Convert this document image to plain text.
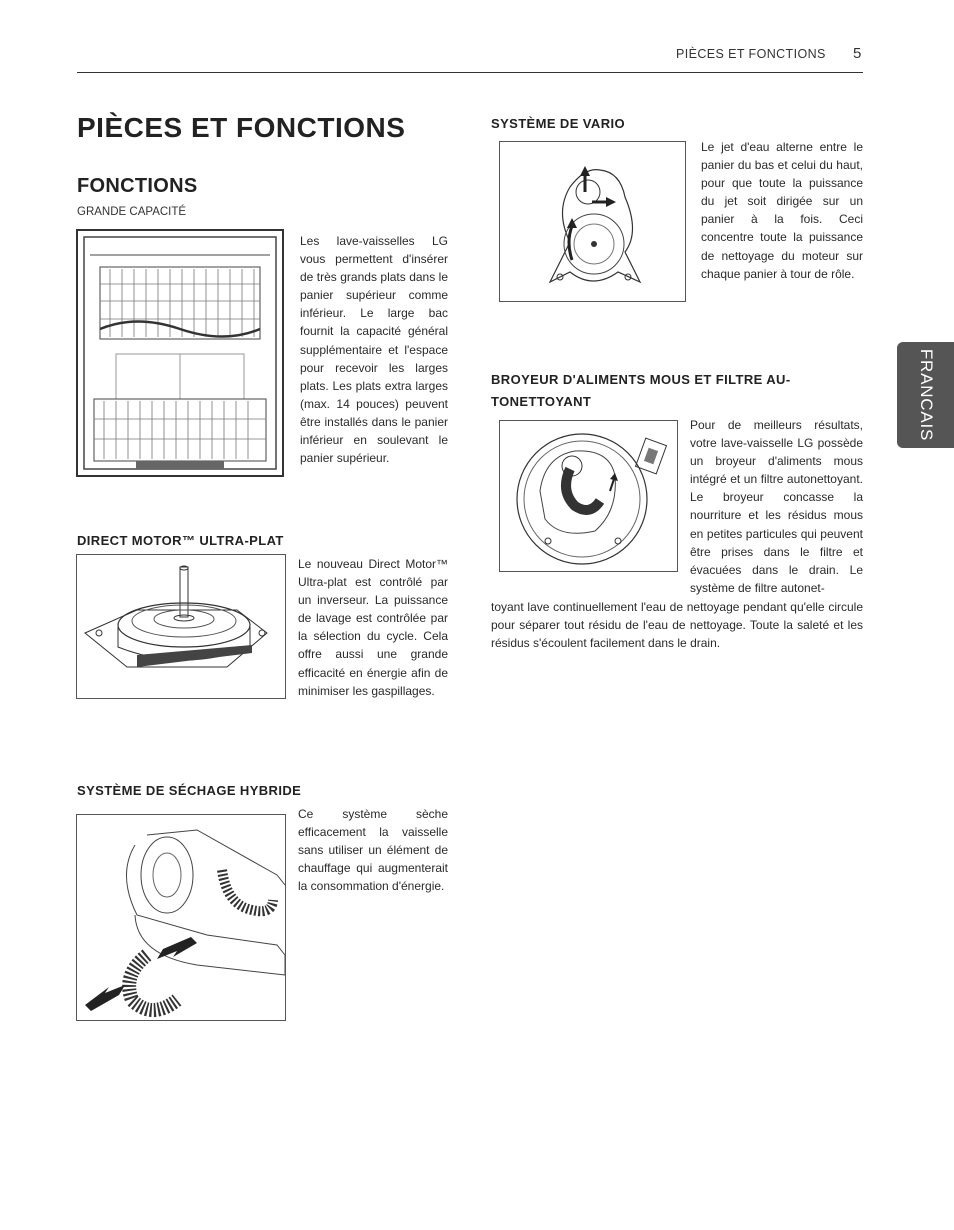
PIÈCES ET FONCTIONS 5
PIÈCES ET FONCTIONS
FONCTIONS
GRANDE CAPACITÉ
Les lave-vaisselles LG vous permettent d'insérer de très grands plats dans le panier supérieur comme inférieur. Le large bac fournit la capacité général supplémentaire et l'espace pour recevoir les larges plats. Les plats extra larges (max. 14 pouces) peuvent être installés dans le panier inférieur en soulevant le panier supérieur.
DIRECT MOTOR™ ULTRA-PLAT
Le nouveau Direct Motor™ Ultra-plat est contrôlé par un inverseur. La puissance de lavage est contrôlée par la sélection du cycle. Cela offre aussi une grande efficacité en énergie afin de minimiser les gaspillages.
SYSTÈME DE SÉCHAGE HYBRIDE
Ce système sèche efficacement la vaisselle sans utiliser un élément de chauffage qui augmenterait la consommation d'énergie.
SYSTÈME DE VARIO
Le jet d'eau alterne entre le panier du bas et celui du haut, pour que toute la puissance du jet soit dirigée sur un panier à la fois. Ceci concentre toute la puissance de nettoyage du moteur sur chaque panier à tour de rôle.
BROYEUR D'ALIMENTS MOUS ET FILTRE AU-
TONETTOYANT
Pour de meilleurs résultats, votre lave-vaisselle LG possède un broyeur d'aliments mous intégré et un filtre autonettoyant. Le broyeur concasse la nourriture et les résidus mous en petites particules qui peuvent être prises dans le filtre et évacuées dans le drain. Le système de filtre autonet-
toyant lave continuellement l'eau de nettoyage pendant qu'elle circule pour séparer tout résidu de l'eau de nettoyage. Toute la saleté et les résidus s'écoulent facilement dans le drain.
FRANCAIS
